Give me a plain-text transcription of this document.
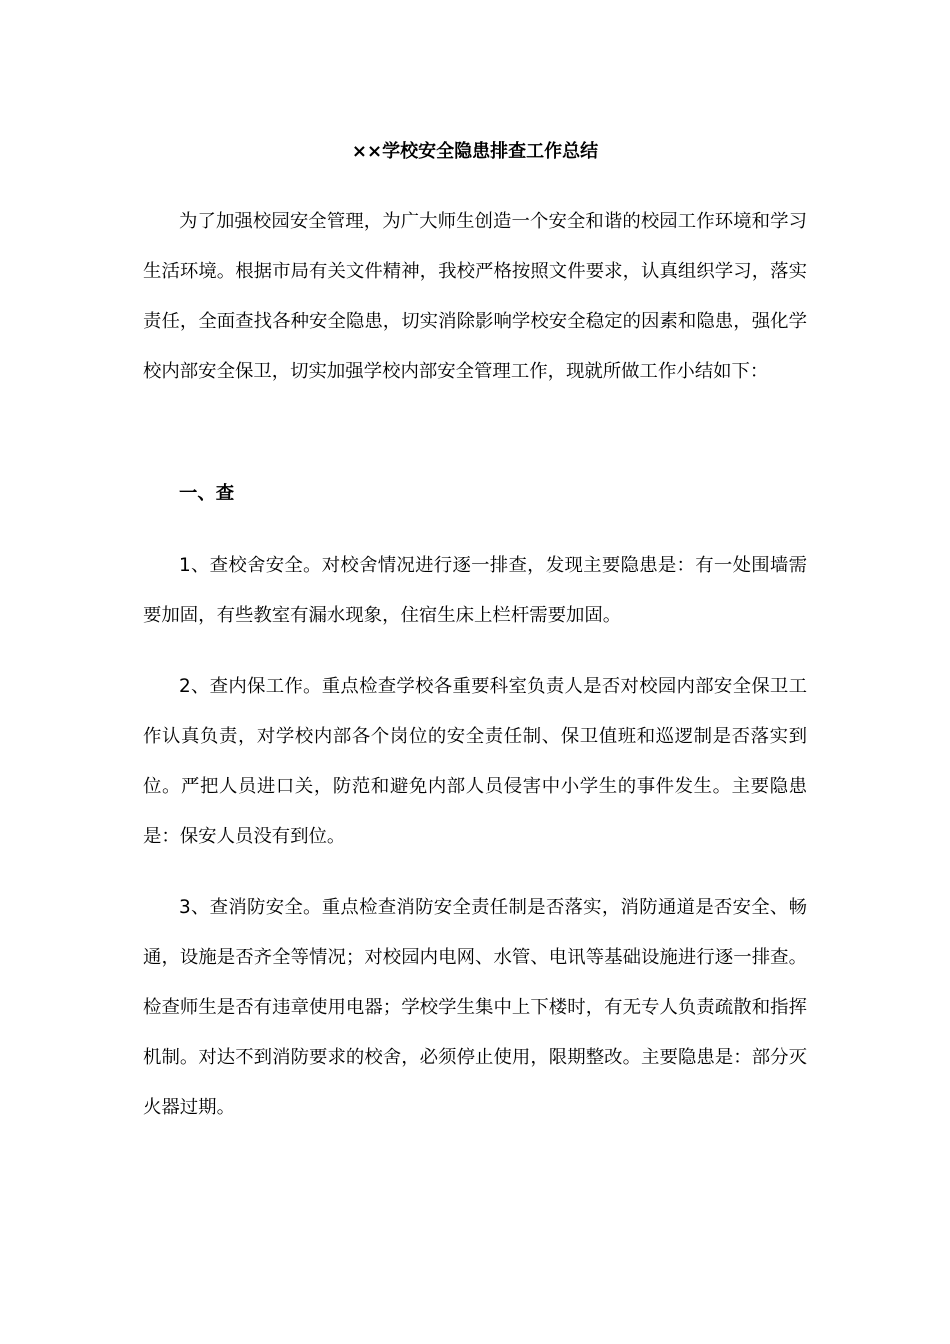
××学校安全隐患排查工作总结

为了加强校园安全管理，为广大师生创造一个安全和谐的校园工作环境和学习生活环境。根据市局有关文件精神，我校严格按照文件要求，认真组织学习，落实责任，全面查找各种安全隐患，切实消除影响学校安全稳定的因素和隐患，强化学校内部安全保卫，切实加强学校内部安全管理工作，现就所做工作小结如下：

一、查

1、查校舍安全。对校舍情况进行逐一排查，发现主要隐患是：有一处围墙需要加固，有些教室有漏水现象，住宿生床上栏杆需要加固。

2、查内保工作。重点检查学校各重要科室负责人是否对校园内部安全保卫工作认真负责，对学校内部各个岗位的安全责任制、保卫值班和巡逻制是否落实到位。严把人员进口关，防范和避免内部人员侵害中小学生的事件发生。主要隐患是：保安人员没有到位。

3、查消防安全。重点检查消防安全责任制是否落实，消防通道是否安全、畅通，设施是否齐全等情况；对校园内电网、水管、电讯等基础设施进行逐一排查。检查师生是否有违章使用电器；学校学生集中上下楼时，有无专人负责疏散和指挥机制。对达不到消防要求的校舍，必须停止使用，限期整改。主要隐患是：部分灭火器过期。
